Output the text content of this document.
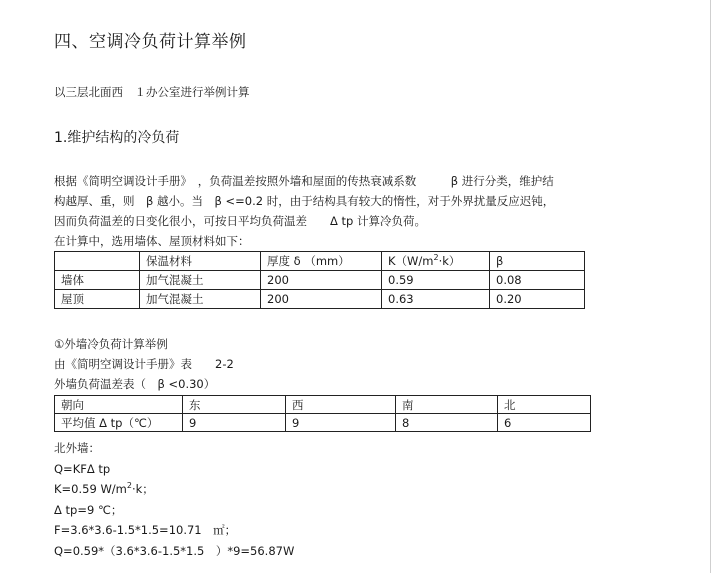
四、空调冷负荷计算举例
以三层北面西　１办公室进行举例计算
1.维护结构的冷负荷
根据《简明空调设计手册》　，负荷温差按照外墙和屋面的传热衰减系数　　　β 进行分类，维护结
构越厚、重，则　β 越小。当　β <=0.2 时，由于结构具有较大的惰性，对于外界扰量反应迟钝，
因而负荷温差的日变化很小，可按日平均负荷温差　　Δ tp 计算冷负荷。
在计算中，选用墙体、屋顶材料如下：
	保温材料	厚度 δ （mm）	$K(W/m^2\cdot k)$	β
墙体	加气混凝土	200	0.59	0.08
屋顶	加气混凝土	200	0.63	0.20
①外墙冷负荷计算举例
由《简明空调设计手册》表　　2-2
外墙负荷温差表（　β <0.30）
朝向	东	西	南	北
平均值 Δ tp（℃）	9	9	8	6
北外墙：
Q=KFΔ tp
K=0.59 $W/m^2\cdot k$；
Δ tp=9 ℃；
F=3.6*3.6-1.5*1.5=10.71　㎡；
Q=0.59*（3.6*3.6-1.5*1.5　）*9=56.87W
